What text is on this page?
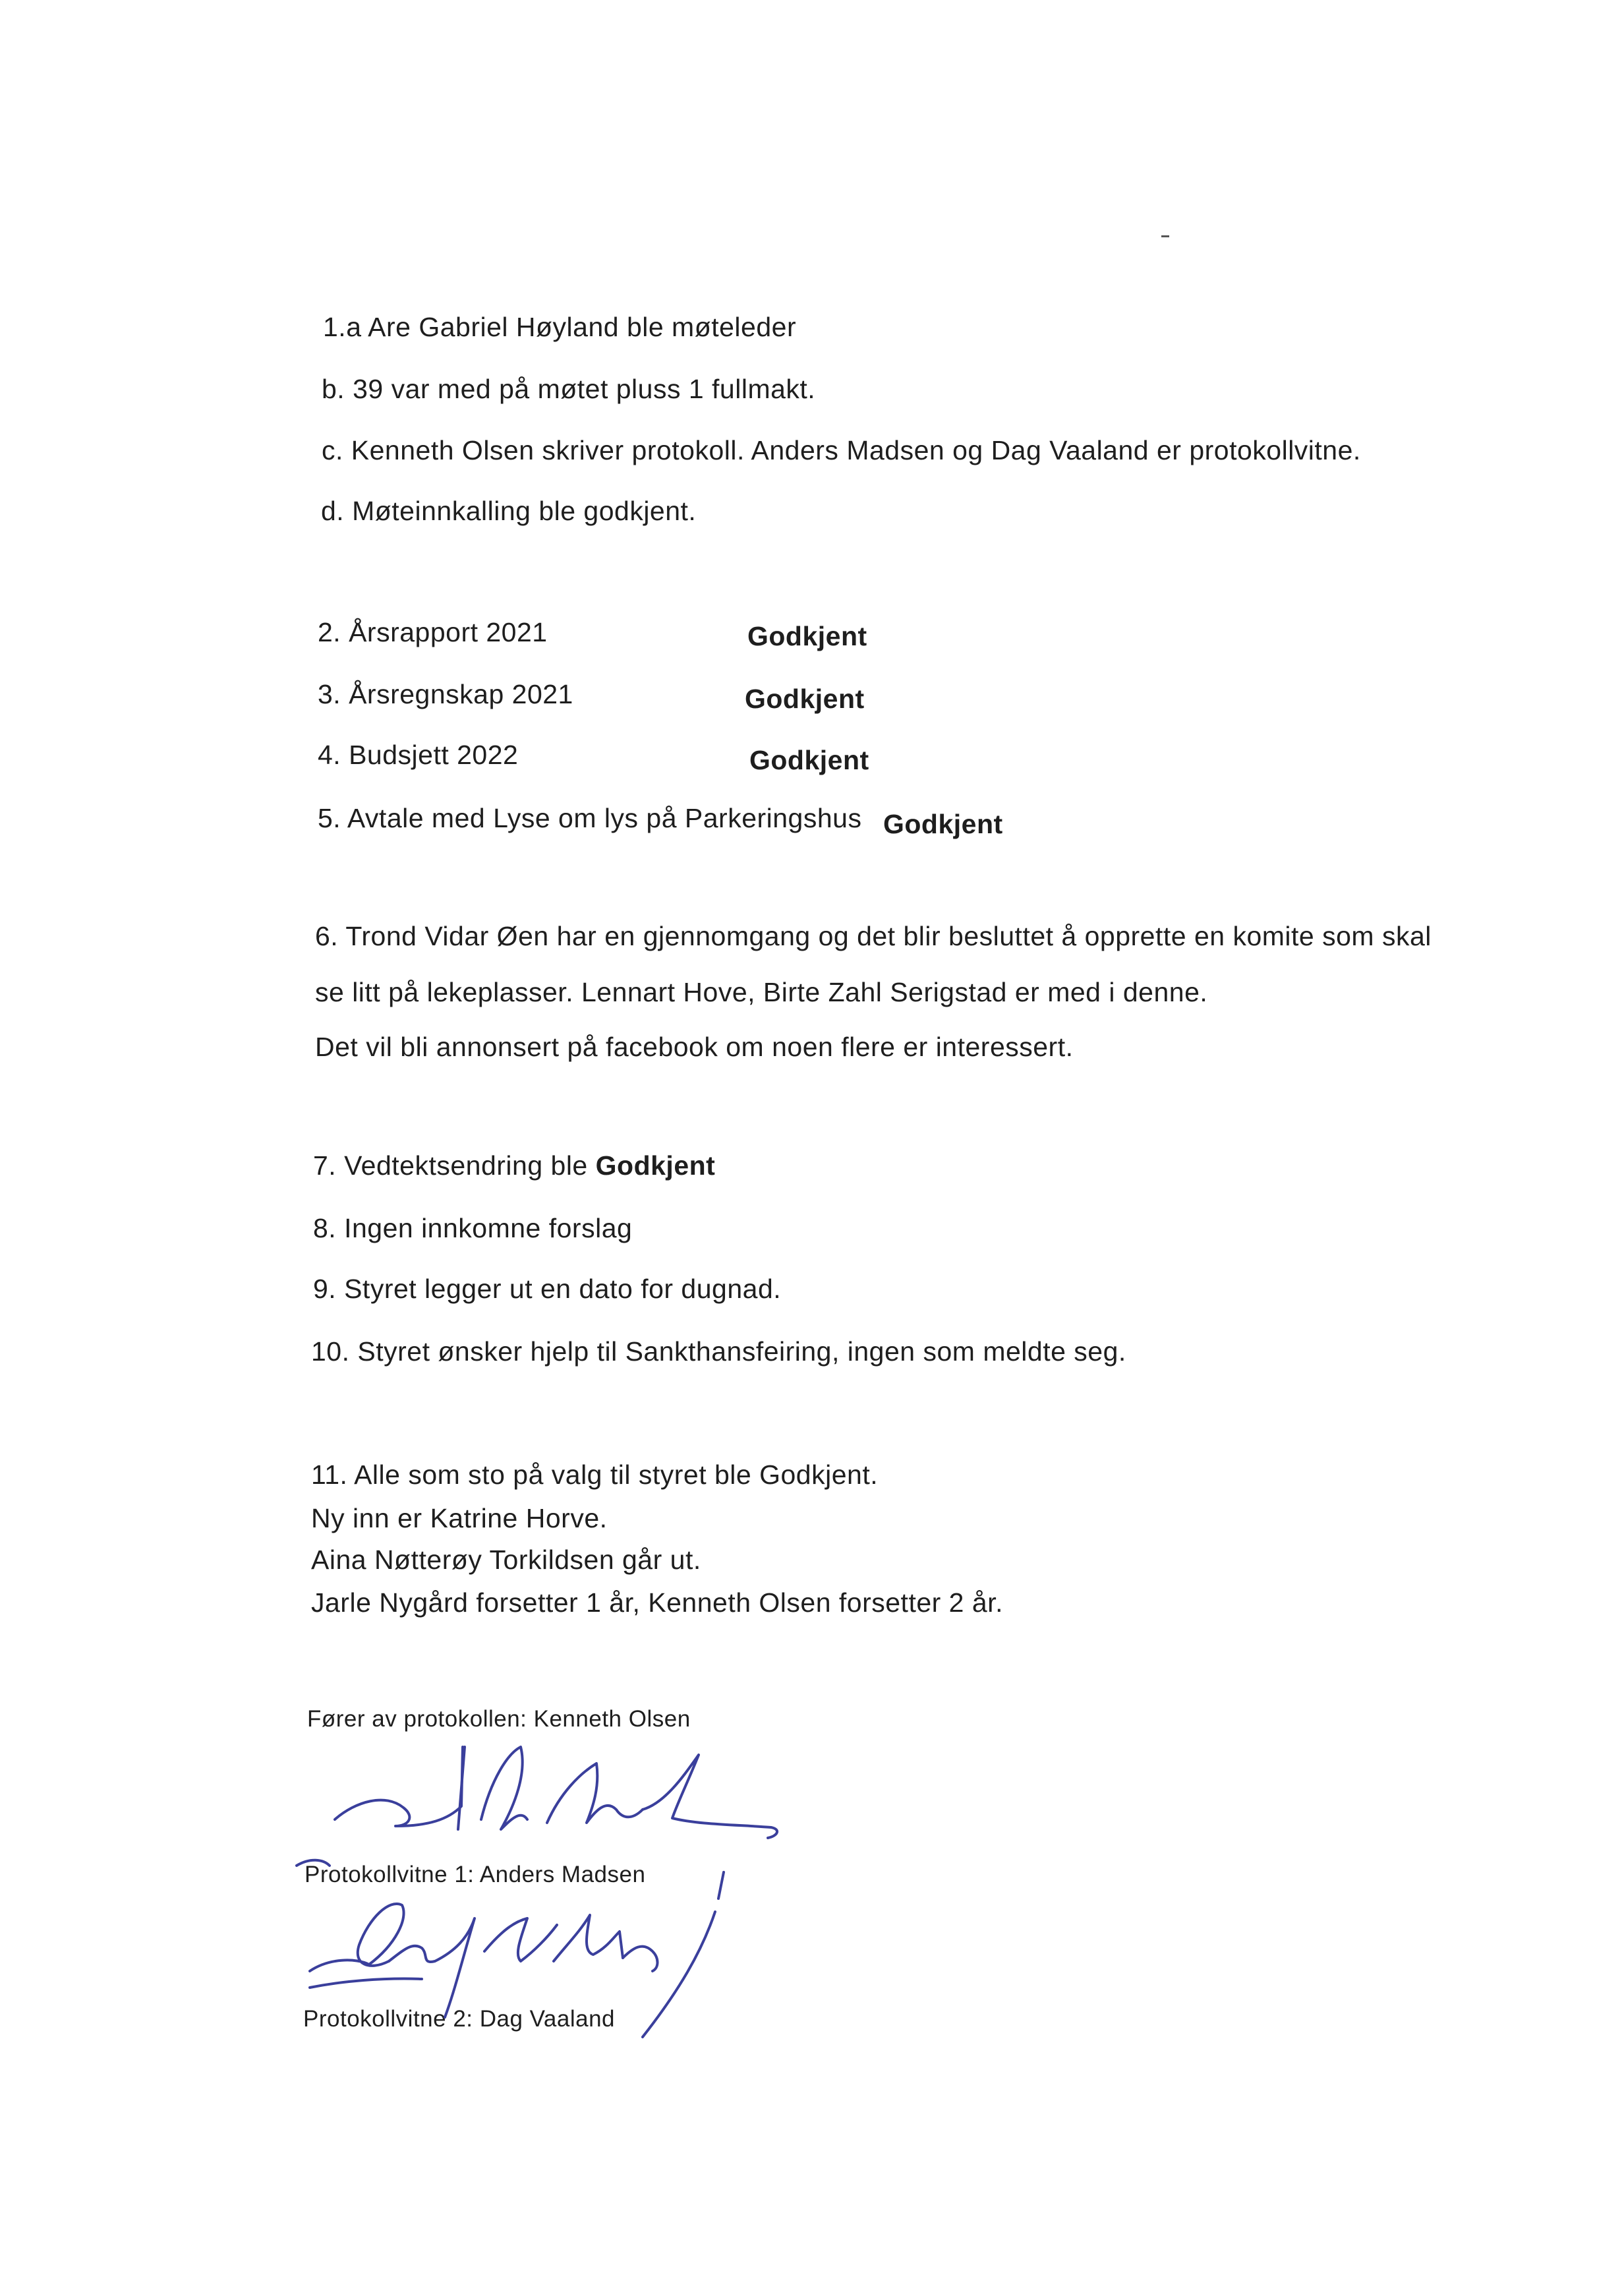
1.a Are Gabriel Høyland ble møteleder
b. 39 var med på møtet pluss 1 fullmakt.
c. Kenneth Olsen skriver protokoll. Anders Madsen og Dag Vaaland er protokollvitne.
d. Møteinnkalling ble godkjent.
2. Årsrapport 2021	Godkjent
3. Årsregnskap 2021	Godkjent
4. Budsjett 2022	Godkjent
5. Avtale med Lyse om lys på Parkeringshus Godkjent
6. Trond Vidar Øen har en gjennomgang og det blir besluttet å opprette en komite som skal
se litt på lekeplasser. Lennart Hove, Birte Zahl Serigstad er med i denne.
Det vil bli annonsert på facebook om noen flere er interessert.
7. Vedtektsendring ble Godkjent
8. Ingen innkomne forslag
9. Styret legger ut en dato for dugnad.
10. Styret ønsker hjelp til Sankthansfeiring, ingen som meldte seg.
11. Alle som sto på valg til styret ble Godkjent.
Ny inn er Katrine Horve.
Aina Nøtterøy Torkildsen går ut.
Jarle Nygård forsetter 1 år, Kenneth Olsen forsetter 2 år.
Fører av protokollen: Kenneth Olsen
Protokollvitne 1: Anders Madsen
Protokollvitne 2: Dag Vaaland
